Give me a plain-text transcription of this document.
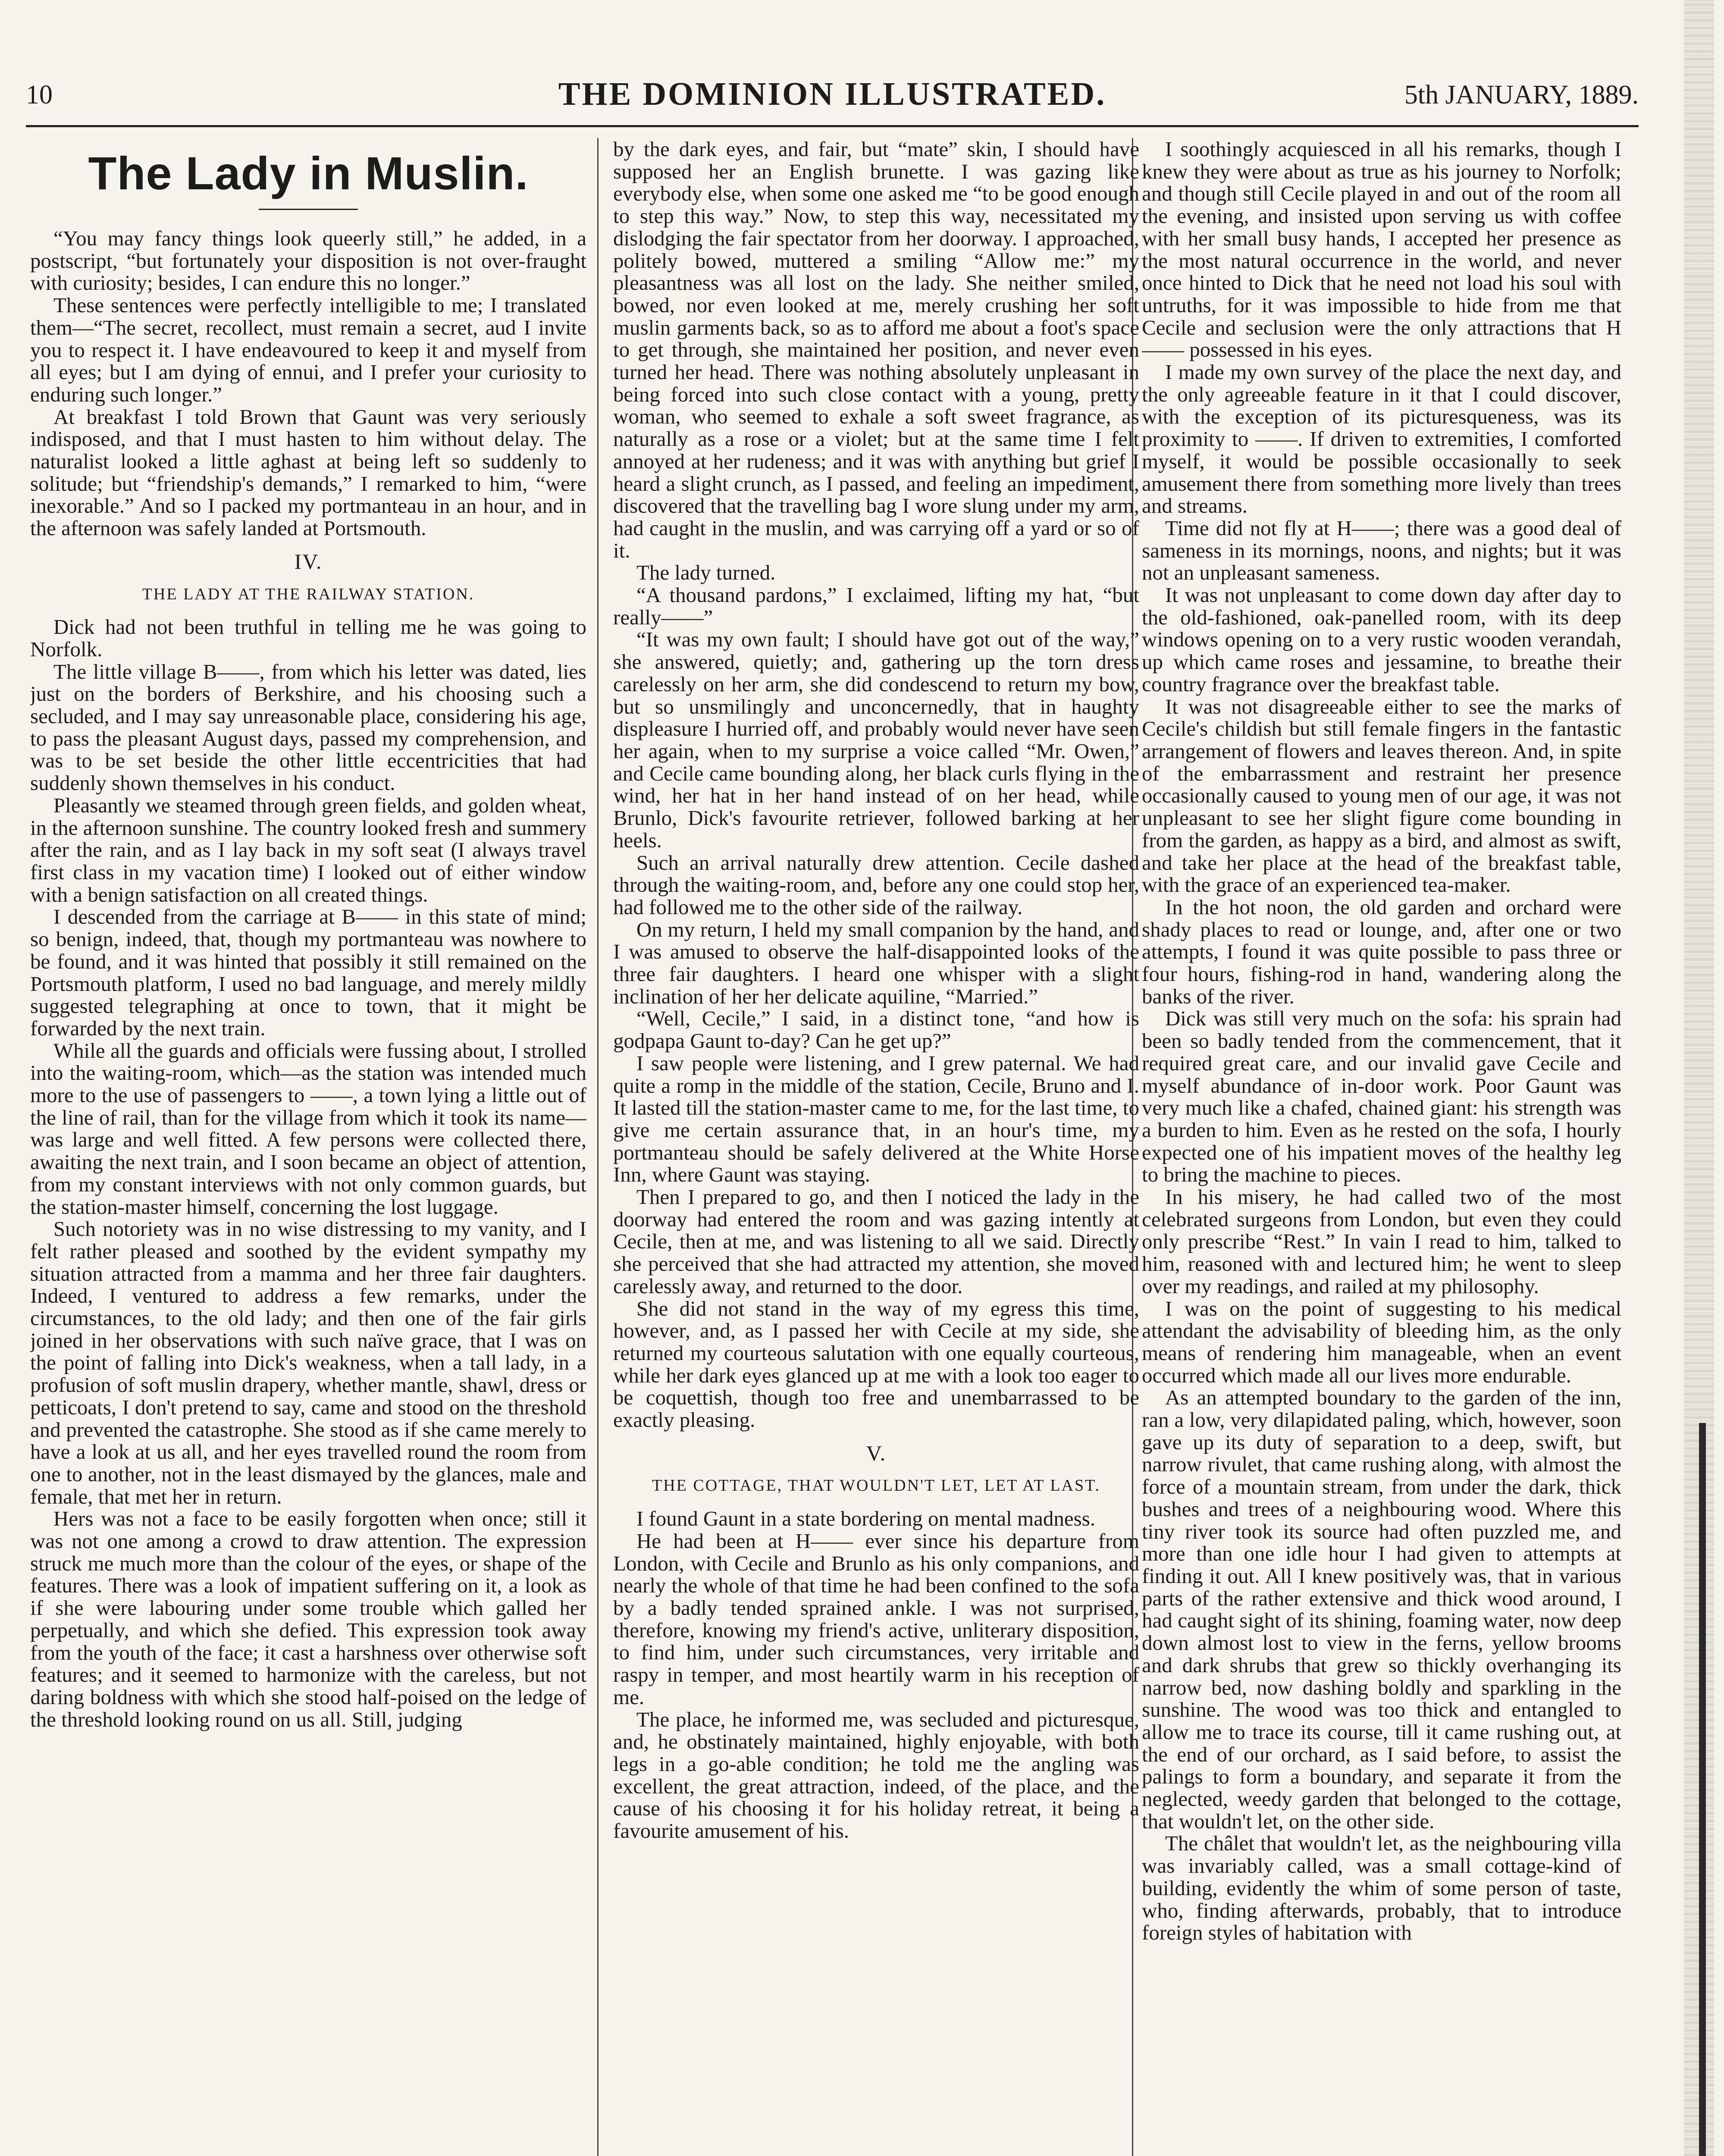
10	THE DOMINION ILLUSTRATED.	5th JANUARY, 1889.
The Lady in Muslin.

“You may fancy things look queerly still,” he added, in a postscript, “but fortunately your disposition is not over-fraught with curiosity; besides, I can endure this no longer.”

These sentences were perfectly intelligible to me; I translated them—“The secret, recollect, must remain a secret, aud I invite you to respect it. I have endeavoured to keep it and myself from all eyes; but I am dying of ennui, and I prefer your curiosity to enduring such longer.”

At breakfast I told Brown that Gaunt was very seriously indisposed, and that I must hasten to him without delay. The naturalist looked a little aghast at being left so suddenly to solitude; but “friendship's demands,” I remarked to him, “were inexorable.” And so I packed my portmanteau in an hour, and in the afternoon was safely landed at Portsmouth.

IV.
THE LADY AT THE RAILWAY STATION.

Dick had not been truthful in telling me he was going to Norfolk.

The little village B——, from which his letter was dated, lies just on the borders of Berkshire, and his choosing such a secluded, and I may say unreasonable place, considering his age, to pass the pleasant August days, passed my comprehension, and was to be set beside the other little eccentricities that had suddenly shown themselves in his conduct.

Pleasantly we steamed through green fields, and golden wheat, in the afternoon sunshine. The country looked fresh and summery after the rain, and as I lay back in my soft seat (I always travel first class in my vacation time) I looked out of either window with a benign satisfaction on all created things.

I descended from the carriage at B—— in this state of mind; so benign, indeed, that, though my portmanteau was nowhere to be found, and it was hinted that possibly it still remained on the Portsmouth platform, I used no bad language, and merely mildly suggested telegraphing at once to town, that it might be forwarded by the next train.

While all the guards and officials were fussing about, I strolled into the waiting-room, which—as the station was intended much more to the use of passengers to ——, a town lying a little out of the line of rail, than for the village from which it took its name—was large and well fitted. A few persons were collected there, awaiting the next train, and I soon became an object of attention, from my constant interviews with not only common guards, but the station-master himself, concerning the lost luggage.

Such notoriety was in no wise distressing to my vanity, and I felt rather pleased and soothed by the evident sympathy my situation attracted from a mamma and her three fair daughters. Indeed, I ventured to address a few remarks, under the circumstances, to the old lady; and then one of the fair girls joined in her observations with such naïve grace, that I was on the point of falling into Dick's weakness, when a tall lady, in a profusion of soft muslin drapery, whether mantle, shawl, dress or petticoats, I don't pretend to say, came and stood on the threshold and prevented the catastrophe. She stood as if she came merely to have a look at us all, and her eyes travelled round the room from one to another, not in the least dismayed by the glances, male and female, that met her in return.

Hers was not a face to be easily forgotten when once; still it was not one among a crowd to draw attention. The expression struck me much more than the colour of the eyes, or shape of the features. There was a look of impatient suffering on it, a look as if she were labouring under some trouble which galled her perpetually, and which she defied. This expression took away from the youth of the face; it cast a harshness over otherwise soft features; and it seemed to harmonize with the careless, but not daring boldness with which she stood half-poised on the ledge of the threshold looking round on us all. Still, judging

by the dark eyes, and fair, but “mate” skin, I should have supposed her an English brunette. I was gazing like everybody else, when some one asked me “to be good enough to step this way.” Now, to step this way, necessitated my dislodging the fair spectator from her doorway. I approached, politely bowed, muttered a smiling “Allow me:” my pleasantness was all lost on the lady. She neither smiled, bowed, nor even looked at me, merely crushing her soft muslin garments back, so as to afford me about a foot's space to get through, she maintained her position, and never even turned her head. There was nothing absolutely unpleasant in being forced into such close contact with a young, pretty woman, who seemed to exhale a soft sweet fragrance, as naturally as a rose or a violet; but at the same time I felt annoyed at her rudeness; and it was with anything but grief I heard a slight crunch, as I passed, and feeling an impediment, discovered that the travelling bag I wore slung under my arm, had caught in the muslin, and was carrying off a yard or so of it.

The lady turned.

“A thousand pardons,” I exclaimed, lifting my hat, “but really——”

“It was my own fault; I should have got out of the way,” she answered, quietly; and, gathering up the torn dress carelessly on her arm, she did condescend to return my bow, but so unsmilingly and unconcernedly, that in haughty displeasure I hurried off, and probably would never have seen her again, when to my surprise a voice called “Mr. Owen,” and Cecile came bounding along, her black curls flying in the wind, her hat in her hand instead of on her head, while Brunlo, Dick's favourite retriever, followed barking at her heels.

Such an arrival naturally drew attention. Cecile dashed through the waiting-room, and, before any one could stop her, had followed me to the other side of the railway.

On my return, I held my small companion by the hand, and I was amused to observe the half-disappointed looks of the three fair daughters. I heard one whisper with a slight inclination of her her delicate aquiline, “Married.”

“Well, Cecile,” I said, in a distinct tone, “and how is godpapa Gaunt to-day? Can he get up?”

I saw people were listening, and I grew paternal. We had quite a romp in the middle of the station, Cecile, Bruno and I. It lasted till the station-master came to me, for the last time, to give me certain assurance that, in an hour's time, my portmanteau should be safely delivered at the White Horse Inn, where Gaunt was staying.

Then I prepared to go, and then I noticed the lady in the doorway had entered the room and was gazing intently at Cecile, then at me, and was listening to all we said. Directly she perceived that she had attracted my attention, she moved carelessly away, and returned to the door.

She did not stand in the way of my egress this time, however, and, as I passed her with Cecile at my side, she returned my courteous salutation with one equally courteous, while her dark eyes glanced up at me with a look too eager to be coquettish, though too free and unembarrassed to be exactly pleasing.

V.
THE COTTAGE, THAT WOULDN'T LET, LET AT LAST.

I found Gaunt in a state bordering on mental madness.

He had been at H—— ever since his departure from London, with Cecile and Brunlo as his only companions, and nearly the whole of that time he had been confined to the sofa by a badly tended sprained ankle. I was not surprised, therefore, knowing my friend's active, unliterary disposition, to find him, under such circumstances, very irritable and raspy in temper, and most heartily warm in his reception of me.

The place, he informed me, was secluded and picturesque, and, he obstinately maintained, highly enjoyable, with both legs in a go-able condition; he told me the angling was excellent, the great attraction, indeed, of the place, and the cause of his choosing it for his holiday retreat, it being a favourite amusement of his.

I soothingly acquiesced in all his remarks, though I knew they were about as true as his journey to Norfolk; and though still Cecile played in and out of the room all the evening, and insisted upon serving us with coffee with her small busy hands, I accepted her presence as the most natural occurrence in the world, and never once hinted to Dick that he need not load his soul with untruths, for it was impossible to hide from me that Cecile and seclusion were the only attractions that H—— possessed in his eyes.

I made my own survey of the place the next day, and the only agreeable feature in it that I could discover, with the exception of its picturesqueness, was its proximity to ——. If driven to extremities, I comforted myself, it would be possible occasionally to seek amusement there from something more lively than trees and streams.

Time did not fly at H——; there was a good deal of sameness in its mornings, noons, and nights; but it was not an unpleasant sameness.

It was not unpleasant to come down day after day to the old-fashioned, oak-panelled room, with its deep windows opening on to a very rustic wooden verandah, up which came roses and jessamine, to breathe their country fragrance over the breakfast table.

It was not disagreeable either to see the marks of Cecile's childish but still female fingers in the fantastic arrangement of flowers and leaves thereon. And, in spite of the embarrassment and restraint her presence occasionally caused to young men of our age, it was not unpleasant to see her slight figure come bounding in from the garden, as happy as a bird, and almost as swift, and take her place at the head of the breakfast table, with the grace of an experienced tea-maker.

In the hot noon, the old garden and orchard were shady places to read or lounge, and, after one or two attempts, I found it was quite possible to pass three or four hours, fishing-rod in hand, wandering along the banks of the river.

Dick was still very much on the sofa: his sprain had been so badly tended from the commencement, that it required great care, and our invalid gave Cecile and myself abundance of in-door work. Poor Gaunt was very much like a chafed, chained giant: his strength was a burden to him. Even as he rested on the sofa, I hourly expected one of his impatient moves of the healthy leg to bring the machine to pieces.

In his misery, he had called two of the most celebrated surgeons from London, but even they could only prescribe “Rest.” In vain I read to him, talked to him, reasoned with and lectured him; he went to sleep over my readings, and railed at my philosophy.

I was on the point of suggesting to his medical attendant the advisability of bleeding him, as the only means of rendering him manageable, when an event occurred which made all our lives more endurable.

As an attempted boundary to the garden of the inn, ran a low, very dilapidated paling, which, however, soon gave up its duty of separation to a deep, swift, but narrow rivulet, that came rushing along, with almost the force of a mountain stream, from under the dark, thick bushes and trees of a neighbouring wood. Where this tiny river took its source had often puzzled me, and more than one idle hour I had given to attempts at finding it out. All I knew positively was, that in various parts of the rather extensive and thick wood around, I had caught sight of its shining, foaming water, now deep down almost lost to view in the ferns, yellow brooms and dark shrubs that grew so thickly overhanging its narrow bed, now dashing boldly and sparkling in the sunshine. The wood was too thick and entangled to allow me to trace its course, till it came rushing out, at the end of our orchard, as I said before, to assist the palings to form a boundary, and separate it from the neglected, weedy garden that belonged to the cottage, that wouldn't let, on the other side.

The châlet that wouldn't let, as the neighbouring villa was invariably called, was a small cottage-kind of building, evidently the whim of some person of taste, who, finding afterwards, probably, that to introduce foreign styles of habitation with
